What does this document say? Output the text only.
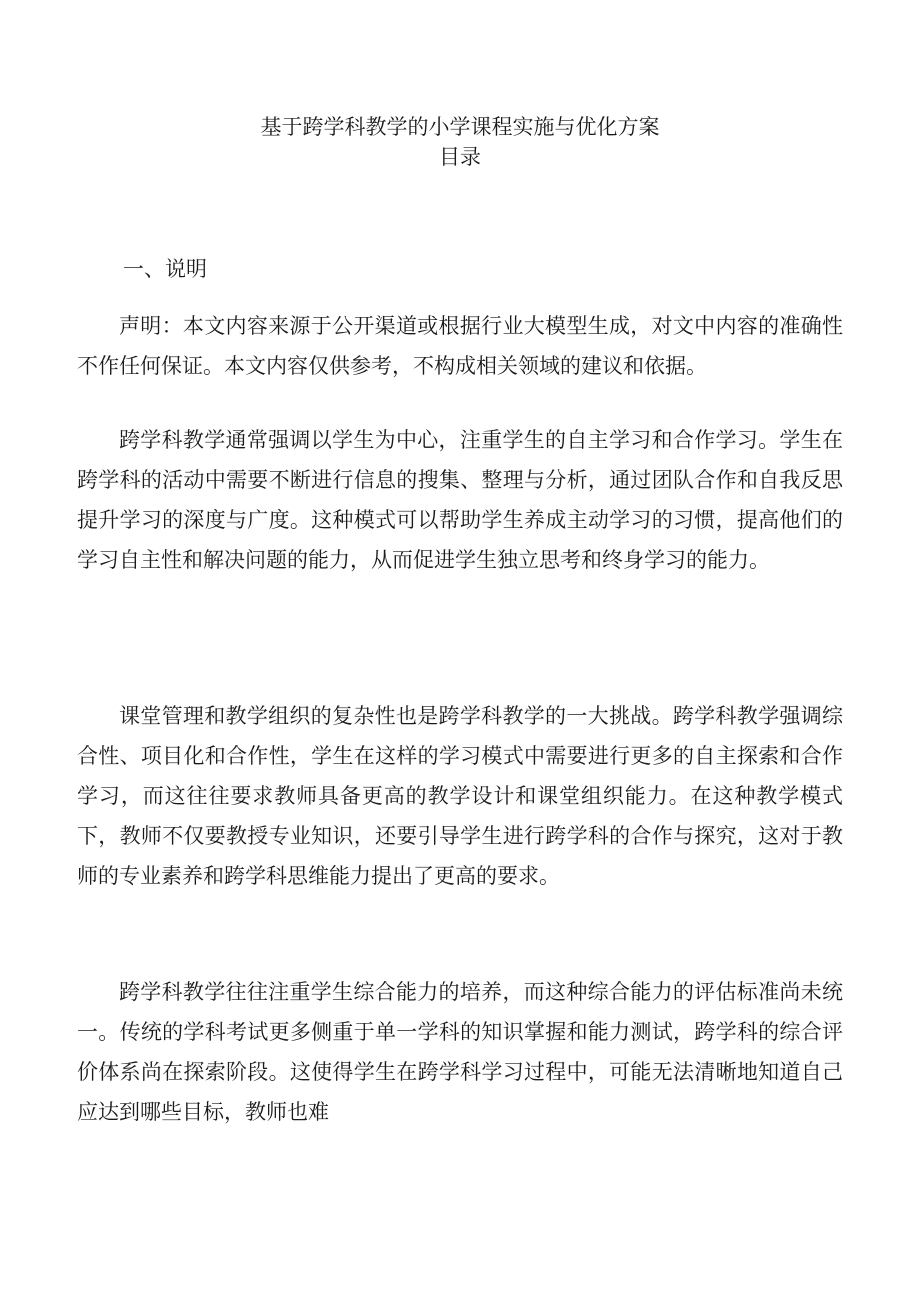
基于跨学科教学的小学课程实施与优化方案
目录
一、说明

声明：本文内容来源于公开渠道或根据行业大模型生成，对文中内容的准确性不作任何保证。本文内容仅供参考，不构成相关领域的建议和依据。

跨学科教学通常强调以学生为中心，注重学生的自主学习和合作学习。学生在跨学科的活动中需要不断进行信息的搜集、整理与分析，通过团队合作和自我反思提升学习的深度与广度。这种模式可以帮助学生养成主动学习的习惯，提高他们的学习自主性和解决问题的能力，从而促进学生独立思考和终身学习的能力。

课堂管理和教学组织的复杂性也是跨学科教学的一大挑战。跨学科教学强调综合性、项目化和合作性，学生在这样的学习模式中需要进行更多的自主探索和合作学习，而这往往要求教师具备更高的教学设计和课堂组织能力。在这种教学模式下，教师不仅要教授专业知识，还要引导学生进行跨学科的合作与探究，这对于教师的专业素养和跨学科思维能力提出了更高的要求。

跨学科教学往往注重学生综合能力的培养，而这种综合能力的评估标准尚未统一。传统的学科考试更多侧重于单一学科的知识掌握和能力测试，跨学科的综合评价体系尚在探索阶段。这使得学生在跨学科学习过程中，可能无法清晰地知道自己应达到哪些目标，教师也难
